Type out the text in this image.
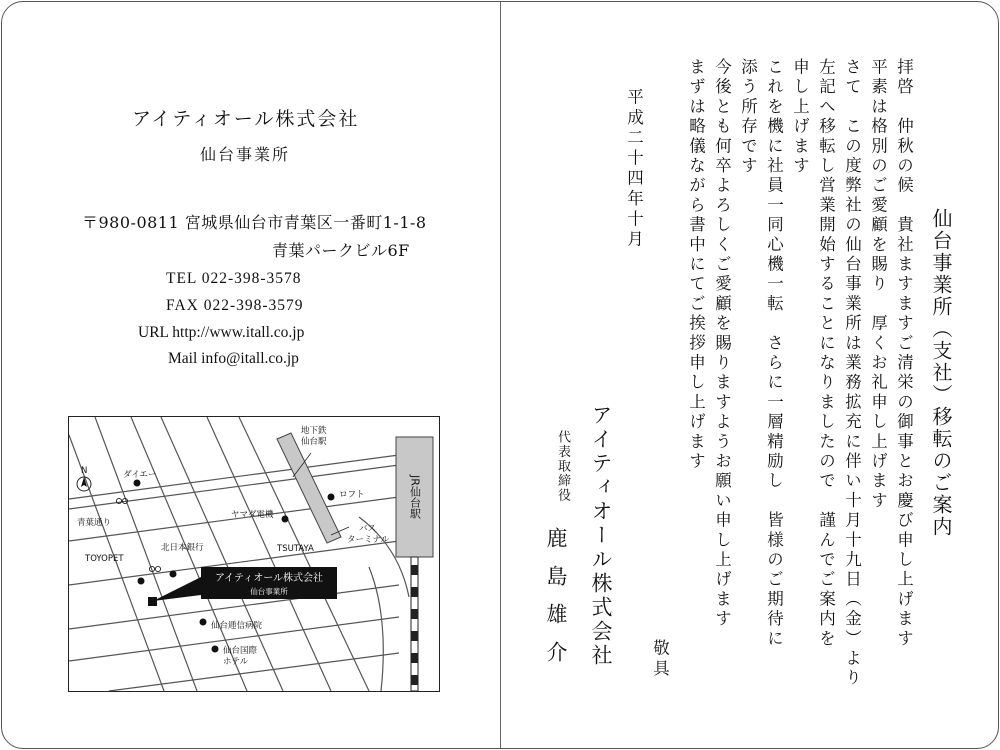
アイティオール株式会社
仙台事業所
〒980-0811 宮城県仙台市青葉区一番町1-1-8
青葉パークビル6F
TEL 022-398-3578
FAX 022-398-3579
URL http://www.itall.co.jp
Mail info@itall.co.jp
N	ダイエー
青葉通り
TOYOPET
北日本銀行
地下鉄
仙台駅
ロフト
ヤマダ電機
バス
ターミナル
TSUTAYA
仙台逓信病院
仙台国際
ホテル
JR仙台駅
アイティオール株式会社
仙台事業所
仙台事業所（支社）移転のご案内
拝啓　仲秋の候　貴社ますますご清栄の御事とお慶び申し上げます
平素は格別のご愛顧を賜り　厚くお礼申し上げます
さて　この度弊社の仙台事業所は業務拡充に伴い十月十九日（金）より
左記へ移転し営業開始することになりましたので　謹んでご案内を
申し上げます
これを機に社員一同心機一転　さらに一層精励し　皆様のご期待に
添う所存です
今後とも何卒よろしくご愛顧を賜りますようお願い申し上げます
まずは略儀ながら書中にてご挨拶申し上げます
敬具
平成二十四年十月
アイティオール株式会社
代表取締役
鹿島雄介
